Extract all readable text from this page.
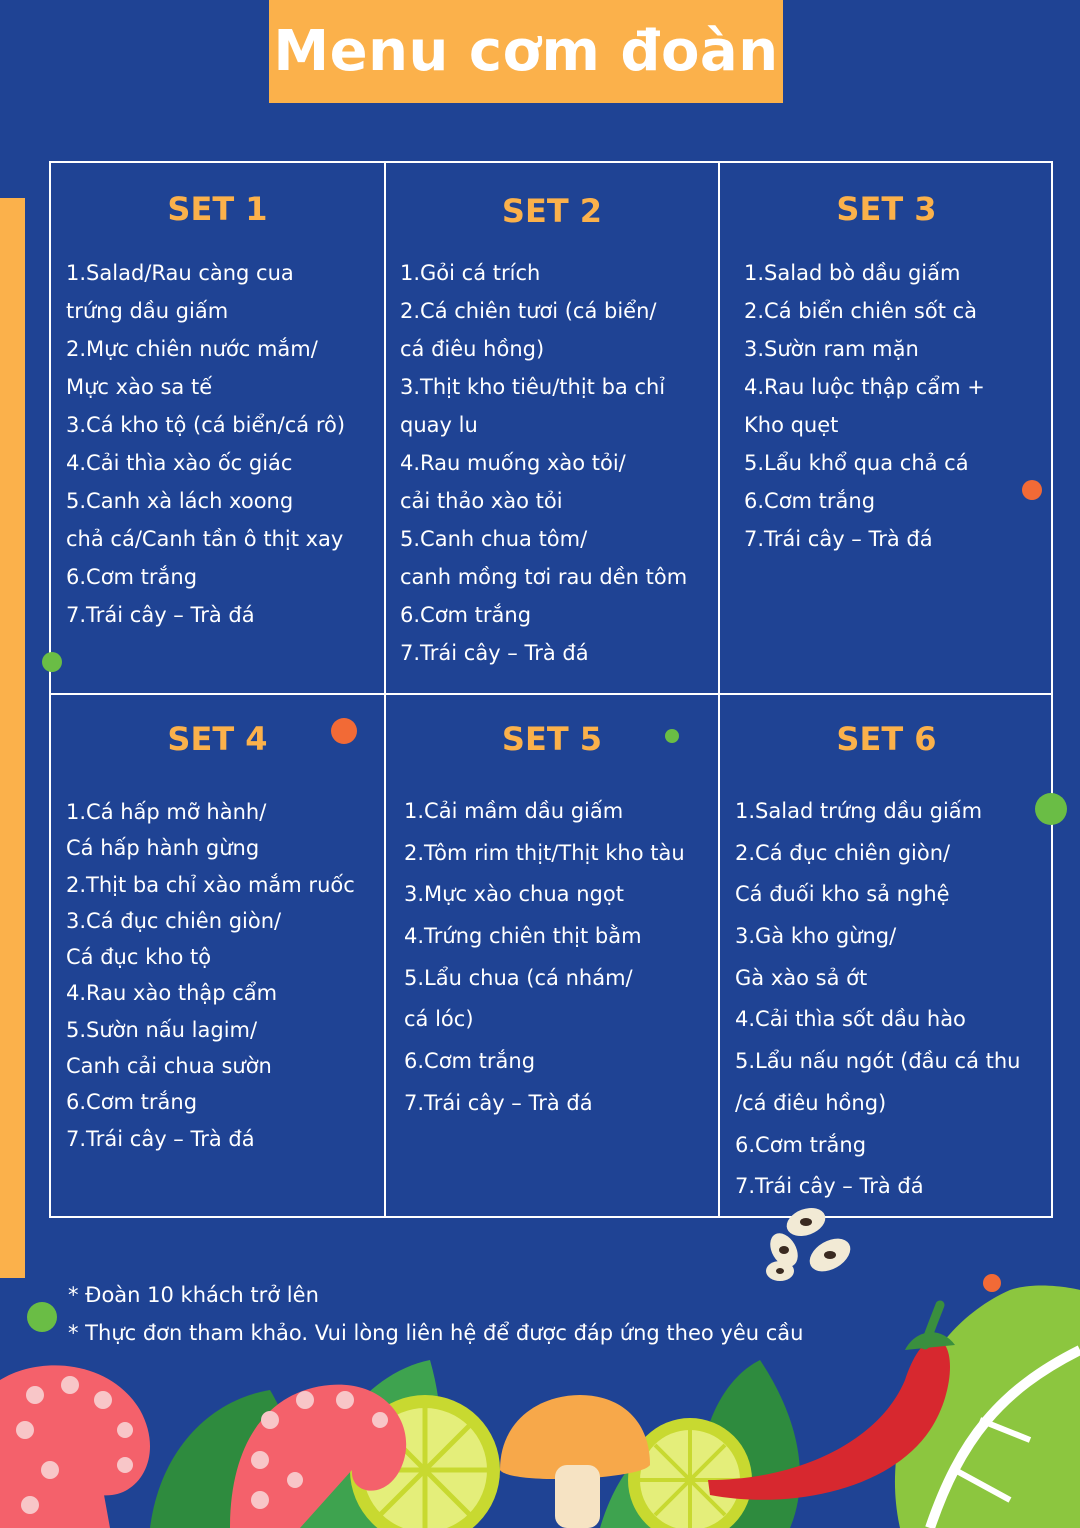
Menu cơm đoàn
SET 1
1.Salad/Rau càng cua
trứng dầu giấm
2.Mực chiên nước mắm/
Mực xào sa tế
3.Cá kho tộ (cá biển/cá rô)
4.Cải thìa xào ốc giác
5.Canh xà lách xoong
chả cá/Canh tần ô thịt xay
6.Cơm trắng
7.Trái cây – Trà đá
SET 2
1.Gỏi cá trích
2.Cá chiên tươi (cá biển/
cá điêu hồng)
3.Thịt kho tiêu/thịt ba chỉ
quay lu
4.Rau muống xào tỏi/
cải thảo xào tỏi
5.Canh chua tôm/
canh mồng tơi rau dền tôm
6.Cơm trắng
7.Trái cây – Trà đá
SET 3
1.Salad bò dầu giấm
2.Cá biển chiên sốt cà
3.Sườn ram mặn
4.Rau luộc thập cẩm +
Kho quẹt
5.Lẩu khổ qua chả cá
6.Cơm trắng
7.Trái cây – Trà đá
SET 4
1.Cá hấp mỡ hành/
Cá hấp hành gừng
2.Thịt ba chỉ xào mắm ruốc
3.Cá đục chiên giòn/
Cá đục kho tộ
4.Rau xào thập cẩm
5.Sườn nấu lagim/
Canh cải chua sườn
6.Cơm trắng
7.Trái cây – Trà đá
SET 5
1.Cải mầm dầu giấm
2.Tôm rim thịt/Thịt kho tàu
3.Mực xào chua ngọt
4.Trứng chiên thịt bằm
5.Lẩu chua (cá nhám/
cá lóc)
6.Cơm trắng
7.Trái cây – Trà đá
SET 6
1.Salad trứng dầu giấm
2.Cá đục chiên giòn/
Cá đuối kho sả nghệ
3.Gà kho gừng/
Gà xào sả ớt
4.Cải thìa sốt dầu hào
5.Lẩu nấu ngót (đầu cá thu
/cá điêu hồng)
6.Cơm trắng
7.Trái cây – Trà đá
* Đoàn 10 khách trở lên
* Thực đơn tham khảo. Vui lòng liên hệ để được đáp ứng theo yêu cầu
